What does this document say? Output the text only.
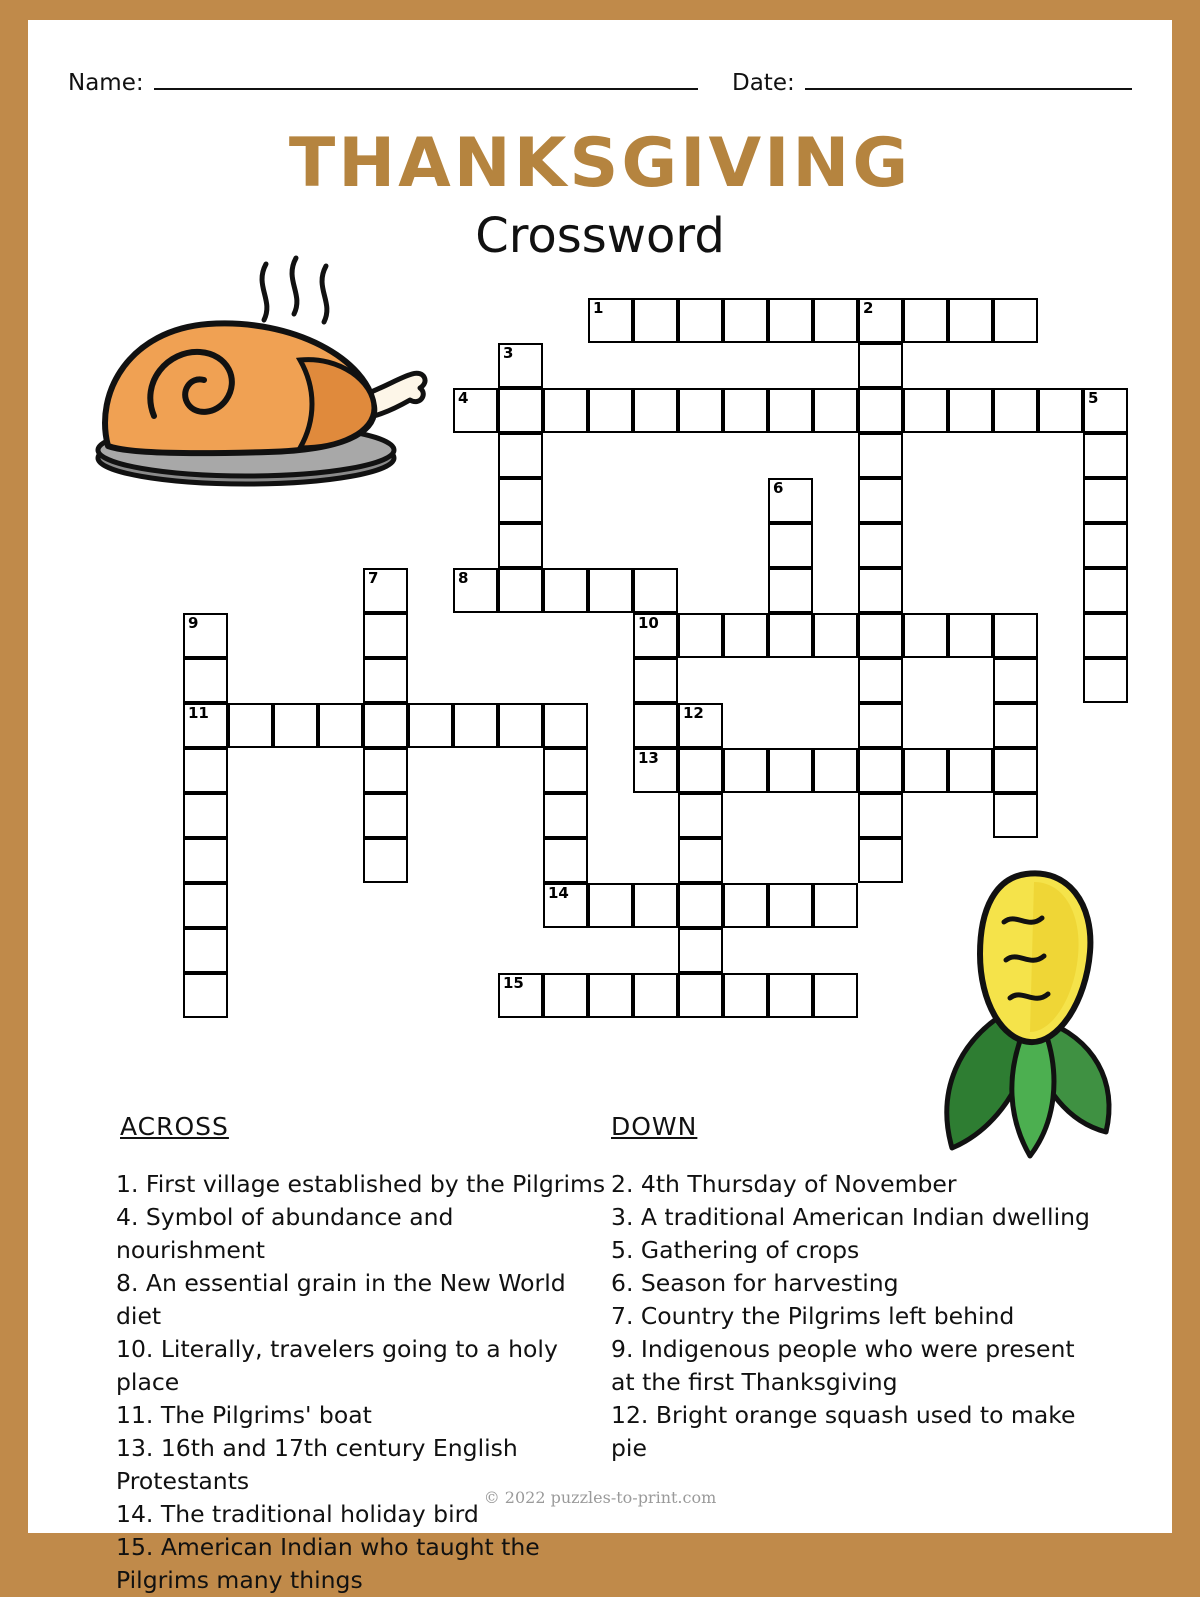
Name:	Date:
THANKSGIVING
Crossword
1	2
3
4	5
6
7	8
9	10
11	12
13
14
15
ACROSS	DOWN
1. First village established by the Pilgrims
4. Symbol of abundance and nourishment
8. An essential grain in the New World diet
10. Literally, travelers going to a holy place
11. The Pilgrims' boat
13. 16th and 17th century English Protestants
14. The traditional holiday bird
15. American Indian who taught the Pilgrims many things
2. 4th Thursday of November
3. A traditional American Indian dwelling
5. Gathering of crops
6. Season for harvesting
7. Country the Pilgrims left behind
9. Indigenous people who were present at the first Thanksgiving
12. Bright orange squash used to make pie
© 2022 puzzles-to-print.com
